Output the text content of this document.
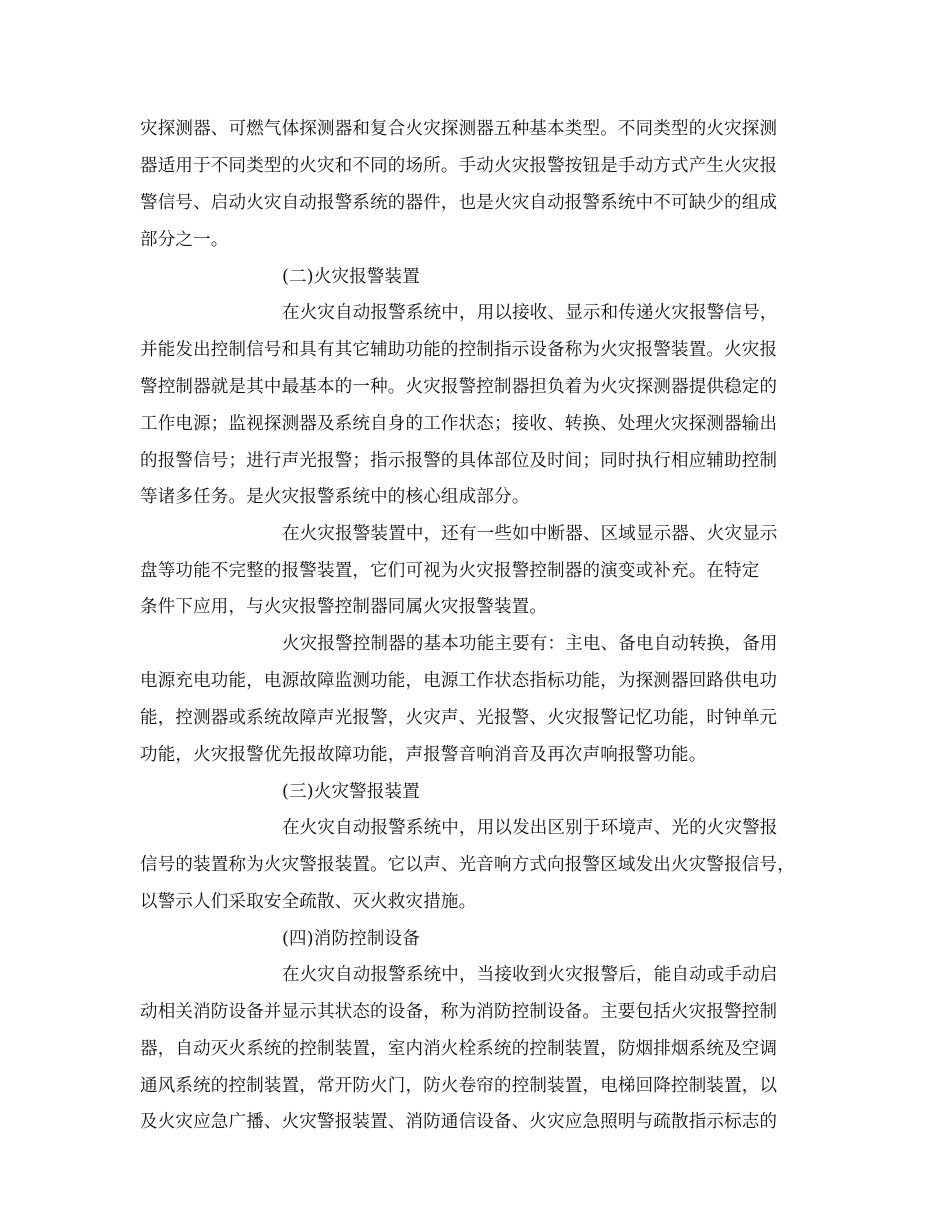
灾探测器、可燃气体探测器和复合火灾探测器五种基本类型。不同类型的火灾探测
器适用于不同类型的火灾和不同的场所。手动火灾报警按钮是手动方式产生火灾报
警信号、启动火灾自动报警系统的器件，也是火灾自动报警系统中不可缺少的组成
部分之一。
(二)火灾报警装置
在火灾自动报警系统中，用以接收、显示和传递火灾报警信号，
并能发出控制信号和具有其它辅助功能的控制指示设备称为火灾报警装置。火灾报
警控制器就是其中最基本的一种。火灾报警控制器担负着为火灾探测器提供稳定的
工作电源；监视探测器及系统自身的工作状态；接收、转换、处理火灾探测器输出
的报警信号；进行声光报警；指示报警的具体部位及时间；同时执行相应辅助控制
等诸多任务。是火灾报警系统中的核心组成部分。
在火灾报警装置中，还有一些如中断器、区域显示器、火灾显示
盘等功能不完整的报警装置，它们可视为火灾报警控制器的演变或补充。在特定
条件下应用，与火灾报警控制器同属火灾报警装置。
火灾报警控制器的基本功能主要有：主电、备电自动转换，备用
电源充电功能，电源故障监测功能，电源工作状态指标功能，为探测器回路供电功
能，控测器或系统故障声光报警，火灾声、光报警、火灾报警记忆功能，时钟单元
功能，火灾报警优先报故障功能，声报警音响消音及再次声响报警功能。
(三)火灾警报装置
在火灾自动报警系统中，用以发出区别于环境声、光的火灾警报
信号的装置称为火灾警报装置。它以声、光音响方式向报警区域发出火灾警报信号，
以警示人们采取安全疏散、灭火救灾措施。
(四)消防控制设备
在火灾自动报警系统中，当接收到火灾报警后，能自动或手动启
动相关消防设备并显示其状态的设备，称为消防控制设备。主要包括火灾报警控制
器，自动灭火系统的控制装置，室内消火栓系统的控制装置，防烟排烟系统及空调
通风系统的控制装置，常开防火门，防火卷帘的控制装置，电梯回降控制装置，以
及火灾应急广播、火灾警报装置、消防通信设备、火灾应急照明与疏散指示标志的
